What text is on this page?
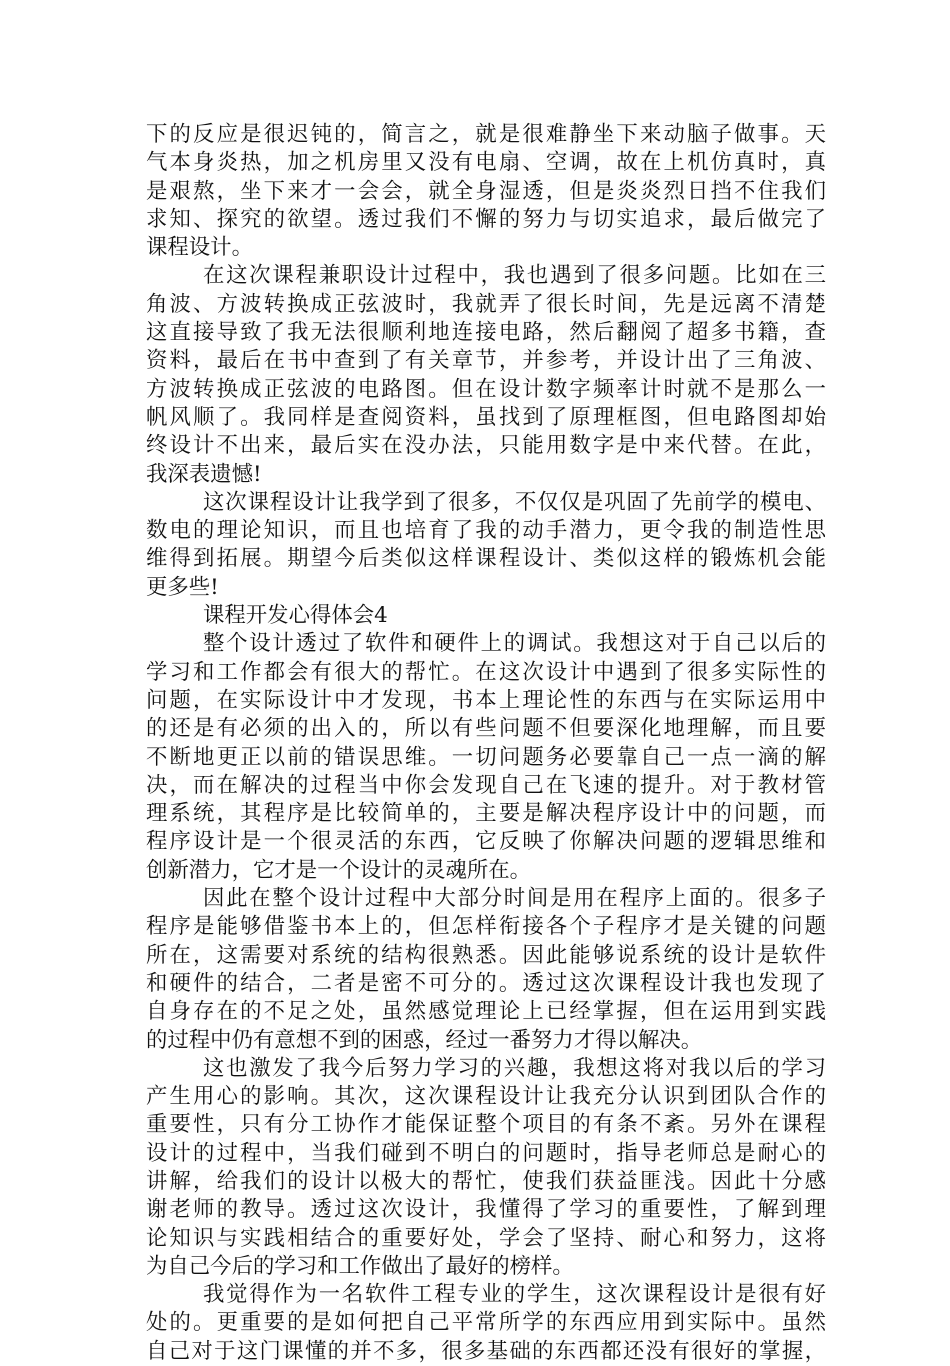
下的反应是很迟钝的，简言之，就是很难静坐下来动脑子做事。天
气本身炎热，加之机房里又没有电扇、空调，故在上机仿真时，真
是艰熬，坐下来才一会会，就全身湿透，但是炎炎烈日挡不住我们
求知、探究的欲望。透过我们不懈的努力与切实追求，最后做完了
课程设计。
在这次课程兼职设计过程中，我也遇到了很多问题。比如在三
角波、方波转换成正弦波时，我就弄了很长时间，先是远离不清楚
这直接导致了我无法很顺利地连接电路，然后翻阅了超多书籍，查
资料，最后在书中查到了有关章节，并参考，并设计出了三角波、
方波转换成正弦波的电路图。但在设计数字频率计时就不是那么一
帆风顺了。我同样是查阅资料，虽找到了原理框图，但电路图却始
终设计不出来，最后实在没办法，只能用数字是中来代替。在此，
我深表遗憾!
这次课程设计让我学到了很多，不仅仅是巩固了先前学的模电、
数电的理论知识，而且也培育了我的动手潜力，更令我的制造性思
维得到拓展。期望今后类似这样课程设计、类似这样的锻炼机会能
更多些!
课程开发心得体会4
整个设计透过了软件和硬件上的调试。我想这对于自己以后的
学习和工作都会有很大的帮忙。在这次设计中遇到了很多实际性的
问题，在实际设计中才发现，书本上理论性的东西与在实际运用中
的还是有必须的出入的，所以有些问题不但要深化地理解，而且要
不断地更正以前的错误思维。一切问题务必要靠自己一点一滴的解
决，而在解决的过程当中你会发现自己在飞速的提升。对于教材管
理系统，其程序是比较简单的，主要是解决程序设计中的问题，而
程序设计是一个很灵活的东西，它反映了你解决问题的逻辑思维和
创新潜力，它才是一个设计的灵魂所在。
因此在整个设计过程中大部分时间是用在程序上面的。很多子
程序是能够借鉴书本上的，但怎样衔接各个子程序才是关键的问题
所在，这需要对系统的结构很熟悉。因此能够说系统的设计是软件
和硬件的结合，二者是密不可分的。透过这次课程设计我也发现了
自身存在的不足之处，虽然感觉理论上已经掌握，但在运用到实践
的过程中仍有意想不到的困惑，经过一番努力才得以解决。
这也激发了我今后努力学习的兴趣，我想这将对我以后的学习
产生用心的影响。其次，这次课程设计让我充分认识到团队合作的
重要性，只有分工协作才能保证整个项目的有条不紊。另外在课程
设计的过程中，当我们碰到不明白的问题时，指导老师总是耐心的
讲解，给我们的设计以极大的帮忙，使我们获益匪浅。因此十分感
谢老师的教导。透过这次设计，我懂得了学习的重要性，了解到理
论知识与实践相结合的重要好处，学会了坚持、耐心和努力，这将
为自己今后的学习和工作做出了最好的榜样。
我觉得作为一名软件工程专业的学生，这次课程设计是很有好
处的。更重要的是如何把自己平常所学的东西应用到实际中。虽然
自己对于这门课懂的并不多，很多基础的东西都还没有很好的掌握，
